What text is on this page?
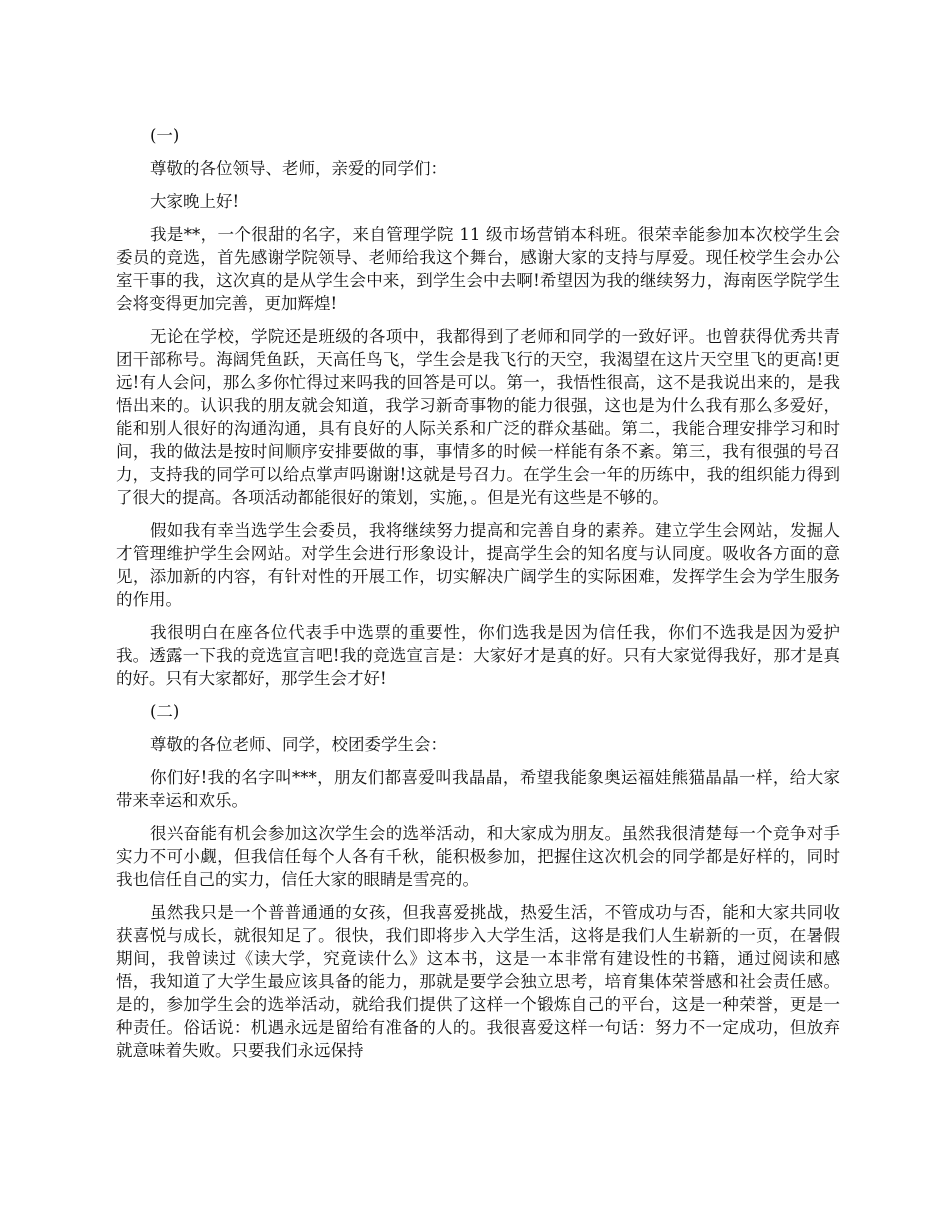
(一)

尊敬的各位领导、老师，亲爱的同学们：

大家晚上好!

我是**，一个很甜的名字，来自管理学院 11 级市场营销本科班。很荣幸能参加本次校学生会委员的竞选，首先感谢学院领导、老师给我这个舞台，感谢大家的支持与厚爱。现任校学生会办公室干事的我，这次真的是从学生会中来，到学生会中去啊!希望因为我的继续努力，海南医学院学生会将变得更加完善，更加辉煌!

无论在学校，学院还是班级的各项中，我都得到了老师和同学的一致好评。也曾获得优秀共青团干部称号。海阔凭鱼跃，天高任鸟飞，学生会是我飞行的天空，我渴望在这片天空里飞的更高!更远!有人会问，那么多你忙得过来吗我的回答是可以。第一，我悟性很高，这不是我说出来的，是我悟出来的。认识我的朋友就会知道，我学习新奇事物的能力很强，这也是为什么我有那么多爱好，能和别人很好的沟通沟通，具有良好的人际关系和广泛的群众基础。第二，我能合理安排学习和时间，我的做法是按时间顺序安排要做的事，事情多的时候一样能有条不紊。第三，我有很强的号召力，支持我的同学可以给点掌声吗谢谢!这就是号召力。在学生会一年的历练中，我的组织能力得到了很大的提高。各项活动都能很好的策划，实施，。但是光有这些是不够的。

假如我有幸当选学生会委员，我将继续努力提高和完善自身的素养。建立学生会网站，发掘人才管理维护学生会网站。对学生会进行形象设计，提高学生会的知名度与认同度。吸收各方面的意见，添加新的内容，有针对性的开展工作，切实解决广阔学生的实际困难，发挥学生会为学生服务的作用。

我很明白在座各位代表手中选票的重要性，你们选我是因为信任我，你们不选我是因为爱护我。透露一下我的竞选宣言吧!我的竞选宣言是：大家好才是真的好。只有大家觉得我好，那才是真的好。只有大家都好，那学生会才好!

(二)

尊敬的各位老师、同学，校团委学生会：

你们好!我的名字叫***，朋友们都喜爱叫我晶晶，希望我能象奥运福娃熊猫晶晶一样，给大家带来幸运和欢乐。

很兴奋能有机会参加这次学生会的选举活动，和大家成为朋友。虽然我很清楚每一个竞争对手实力不可小觑，但我信任每个人各有千秋，能积极参加，把握住这次机会的同学都是好样的，同时我也信任自己的实力，信任大家的眼睛是雪亮的。

虽然我只是一个普普通通的女孩，但我喜爱挑战，热爱生活，不管成功与否，能和大家共同收获喜悦与成长，就很知足了。很快，我们即将步入大学生活，这将是我们人生崭新的一页，在暑假期间，我曾读过《读大学，究竟读什么》这本书，这是一本非常有建设性的书籍，通过阅读和感悟，我知道了大学生最应该具备的能力，那就是要学会独立思考，培育集体荣誉感和社会责任感。是的，参加学生会的选举活动，就给我们提供了这样一个锻炼自己的平台，这是一种荣誉，更是一种责任。俗话说：机遇永远是留给有准备的人的。我很喜爱这样一句话：努力不一定成功，但放弃就意味着失败。只要我们永远保持
